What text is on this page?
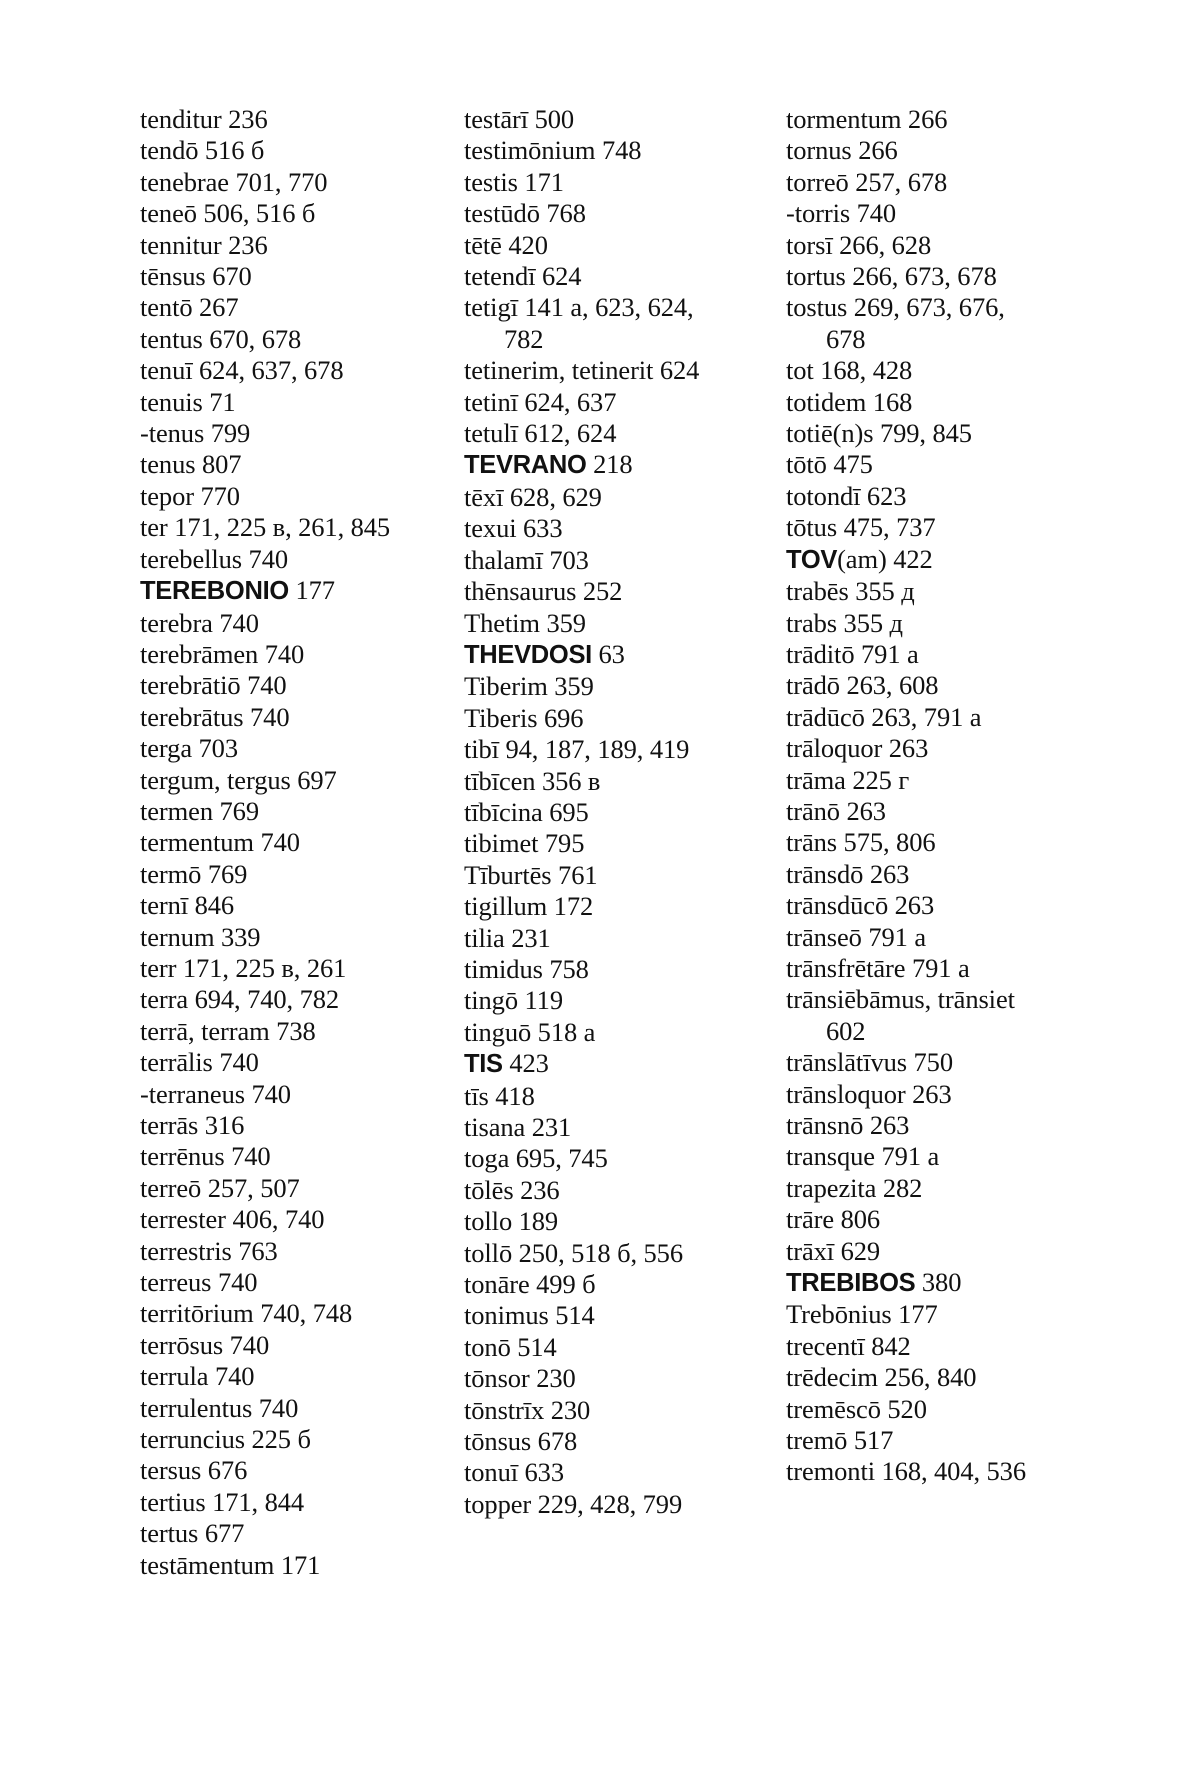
tenditur 236
tendō 516 б
tenebrae 701, 770
teneō 506, 516 б
tennitur 236
tēnsus 670
tentō 267
tentus 670, 678
tenuī 624, 637, 678
tenuis 71
-tenus 799
tenus 807
tepor 770
ter 171, 225 в, 261, 845
terebellus 740
TEREBONIO 177
terebra 740
terebrāmen 740
terebrātiō 740
terebrātus 740
terga 703
tergum, tergus 697
termen 769
termentum 740
termō 769
ternī 846
ternum 339
terr 171, 225 в, 261
terra 694, 740, 782
terrā, terram 738
terrālis 740
-terraneus 740
terrās 316
terrēnus 740
terreō 257, 507
terrester 406, 740
terrestris 763
terreus 740
territōrium 740, 748
terrōsus 740
terrula 740
terrulentus 740
terruncius 225 б
tersus 676
tertius 171, 844
tertus 677
testāmentum 171
testārī 500
testimōnium 748
testis 171
testūdō 768
tētē 420
tetendī 624
tetigī 141 a, 623, 624,
782
tetinerim, tetinerit 624
tetinī 624, 637
tetulī 612, 624
TEVRANO 218
tēxī 628, 629
texui 633
thalamī 703
thēnsaurus 252
Thetim 359
THEVDOSI 63
Tiberim 359
Tiberis 696
tibī 94, 187, 189, 419
tībīcen 356 в
tībīcina 695
tibimet 795
Tīburtēs 761
tigillum 172
tilia 231
timidus 758
tingō 119
tinguō 518 a
TIS 423
tīs 418
tisana 231
toga 695, 745
tōlēs 236
tollo 189
tollō 250, 518 б, 556
tonāre 499 б
tonimus 514
tonō 514
tōnsor 230
tōnstrīx 230
tōnsus 678
tonuī 633
topper 229, 428, 799
tormentum 266
tornus 266
torreō 257, 678
-torris 740
torsī 266, 628
tortus 266, 673, 678
tostus 269, 673, 676,
678
tot 168, 428
totidem 168
totiē(n)s 799, 845
tōtō 475
totondī 623
tōtus 475, 737
TOV(am) 422
trabēs 355 д
trabs 355 д
trāditō 791 a
trādō 263, 608
trādūcō 263, 791 a
trāloquor 263
trāma 225 г
trānō 263
trāns 575, 806
trānsdō 263
trānsdūcō 263
trānseō 791 a
trānsfrētāre 791 a
trānsiēbāmus, trānsiet
602
trānslātīvus 750
trānsloquor 263
trānsnō 263
transque 791 a
trapezita 282
trāre 806
trāxī 629
TREBIBOS 380
Trebōnius 177
trecentī 842
trēdecim 256, 840
tremēscō 520
tremō 517
tremonti 168, 404, 536
